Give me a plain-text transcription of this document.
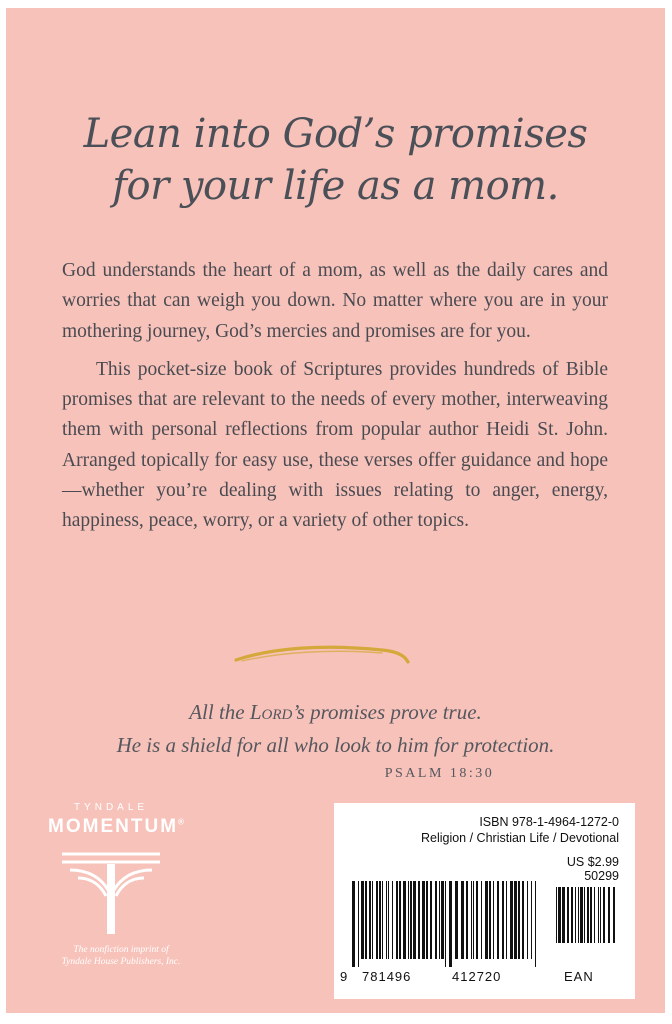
Lean into God’s promises
for your life as a mom.

God understands the heart of a mom, as well as the daily cares and worries that can weigh you down. No matter where you are in your mothering journey, God’s mercies and promises are for you.

This pocket-size book of Scriptures provides hundreds of Bible promises that are relevant to the needs of every mother, interweaving them with personal reflections from popular author Heidi St. John. Arranged topically for easy use, these verses offer guidance and hope—whether you’re dealing with issues relating to anger, energy, happiness, peace, worry, or a variety of other topics.

All the Lord’s promises prove true.
He is a shield for all who look to him for protection.
PSALM 18:30
TYNDALE
MOMENTUM®
The nonfiction imprint of
Tyndale House Publishers, Inc.
ISBN 978-1-4964-1272-0
Religion / Christian Life / Devotional
US $2.99
50299
9 781496	412720	EAN
